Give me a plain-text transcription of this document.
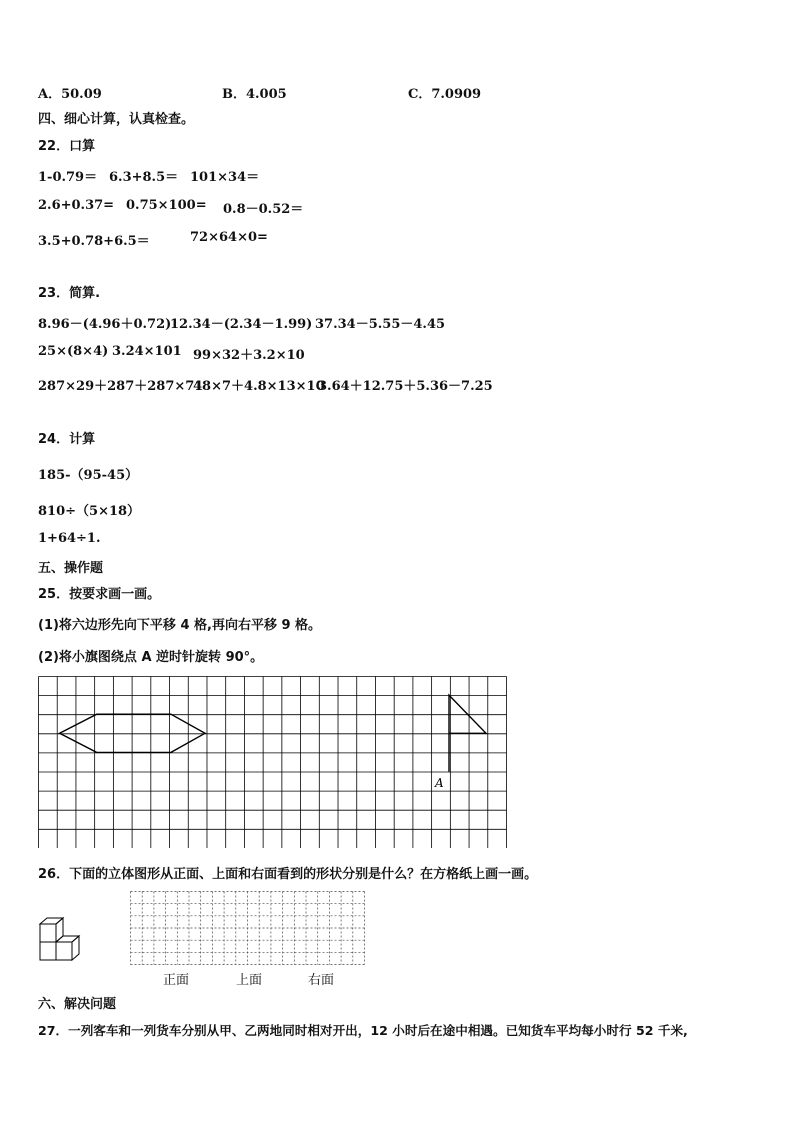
A．50.09	B．4.005	C．7.0909
四、细心计算，认真检查。
22．口算
1-0.79＝ 6.3+8.5＝ 101×34＝
2.6+0.37= 0.75×100= 0.8－0.52＝
3.5+0.78+6.5＝	72×64×0=
23．简算.
8.96－(4.96＋0.72)
12.34－(2.34－1.99) 37.34－5.55－4.45
25×(8×4) 3.24×101 99×32＋3.2×10
287×29＋287＋287×71
48×7＋4.8×13×10
3.64＋12.75＋5.36－7.25
24．计算
185-（95-45）
810÷（5×18）
1+64÷1.
五、操作题
25．按要求画一画。
(1)将六边形先向下平移 4 格,再向右平移 9 格。
(2)将小旗图绕点 A 逆时针旋转 90°。
A
26．下面的立体图形从正面、上面和右面看到的形状分别是什么？在方格纸上画一画。
正面	上面	右面
六、解决问题
27．一列客车和一列货车分别从甲、乙两地同时相对开出，12 小时后在途中相遇。已知货车平均每小时行 52 千米,
